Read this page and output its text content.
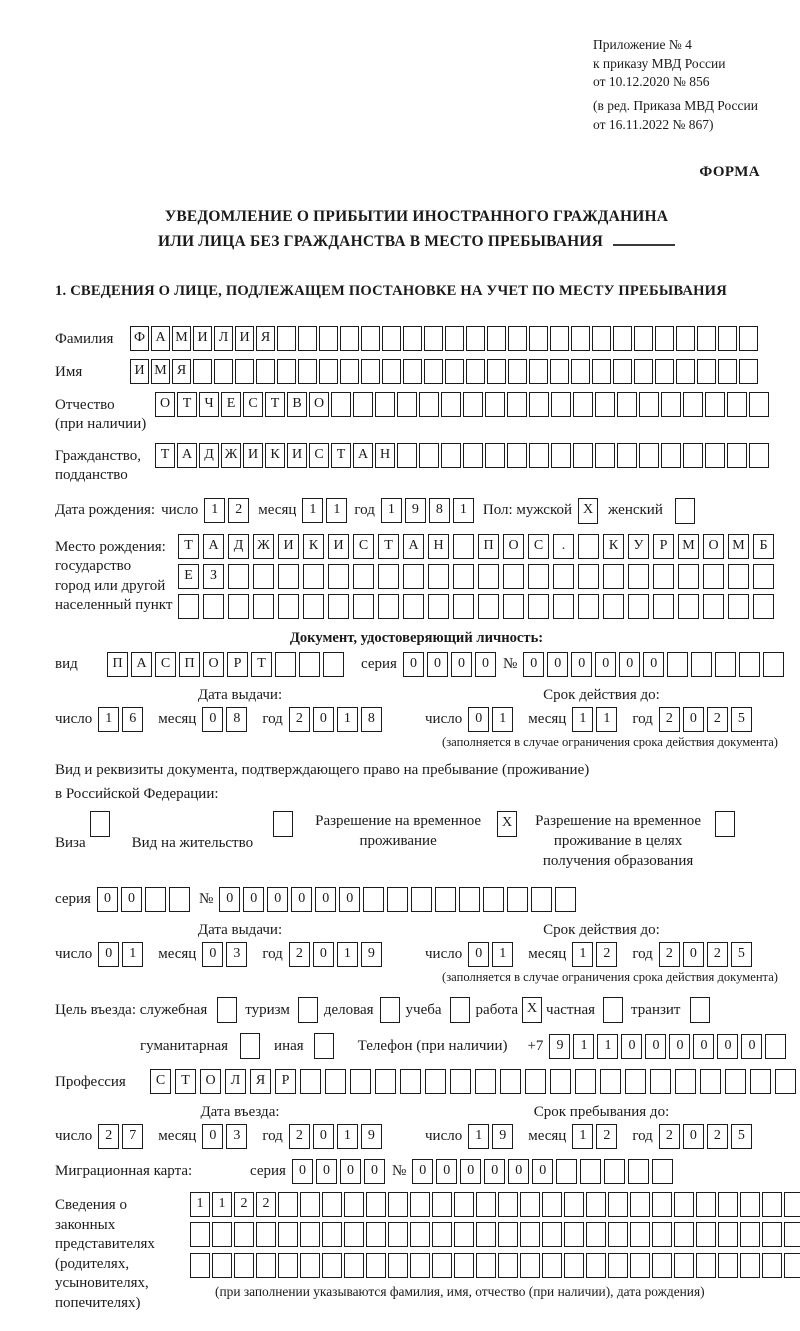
Приложение № 4
к приказу МВД России
от 10.12.2020 № 856
(в ред. Приказа МВД России
от 16.11.2022 № 867)
ФОРМА
УВЕДОМЛЕНИЕ О ПРИБЫТИИ ИНОСТРАННОГО ГРАЖДАНИНА
ИЛИ ЛИЦА БЕЗ ГРАЖДАНСТВА В МЕСТО ПРЕБЫВАНИЯ
1. СВЕДЕНИЯ О ЛИЦЕ, ПОДЛЕЖАЩЕМ ПОСТАНОВКЕ НА УЧЕТ ПО МЕСТУ ПРЕБЫВАНИЯ
Фамилия	Ф А М И Л И Я
Имя	И М Я
Отчество
(при наличии)
О Т Ч Е С Т В О
Гражданство,
подданство
Т А Д Ж И К И С Т А Н
Дата рождения: число 1	2	месяц 1	1 год 1	9	8	1	Пол: мужской X женский
Место рождения:
государство
город или другой
населенный пункт
Т	А	Д Ж И	К	И	С	Т	А	Н	П	О	С	.	К	У	Р	М О М	Б
Е	З
Документ, удостоверяющий личность:
вид	П А	С	П О	Р	Т	серия 0	0	0	0 № 0	0	0	0	0	0
Дата выдачи:
число 1	6	месяц 0	8	год 2	0	1	8
Срок действия до:
число 0	1	месяц 1	1	год 2	0	2	5
(заполняется в случае ограничения срока действия документа)
Вид и реквизиты документа, подтверждающего право на пребывание (проживание)
в Российской Федерации:
Виза	Вид на жительство
Разрешение на временное
проживание
X	Разрешение на временное
проживание в целях
получения образования
серия 0	0	№ 0	0	0	0	0	0
Дата выдачи:
число 0	1	месяц 0	3	год 2	0	1	9
Срок действия до:
число 0	1	месяц 1	2	год 2	0	2	5
(заполняется в случае ограничения срока действия документа)
Цель въезда: служебная	туризм деловая учеба работа X частная транзит
гуманитарная	иная	Телефон (при наличии) +7 9	1	1	0	0	0	0	0	0
Профессия	С	Т	О	Л	Я	Р
Дата въезда:
число 2	7	месяц 0	3	год 2	0	1	9
Срок пребывания до:
число 1	9	месяц 1	2	год 2	0	2	5
Миграционная карта:	серия 0	0	0	0 № 0	0	0	0	0	0
Сведения о
законных
представителях
(родителях,
усыновителях,
попечителях)
1	1	2	2
(при заполнении указываются фамилия, имя, отчество (при наличии), дата рождения)
